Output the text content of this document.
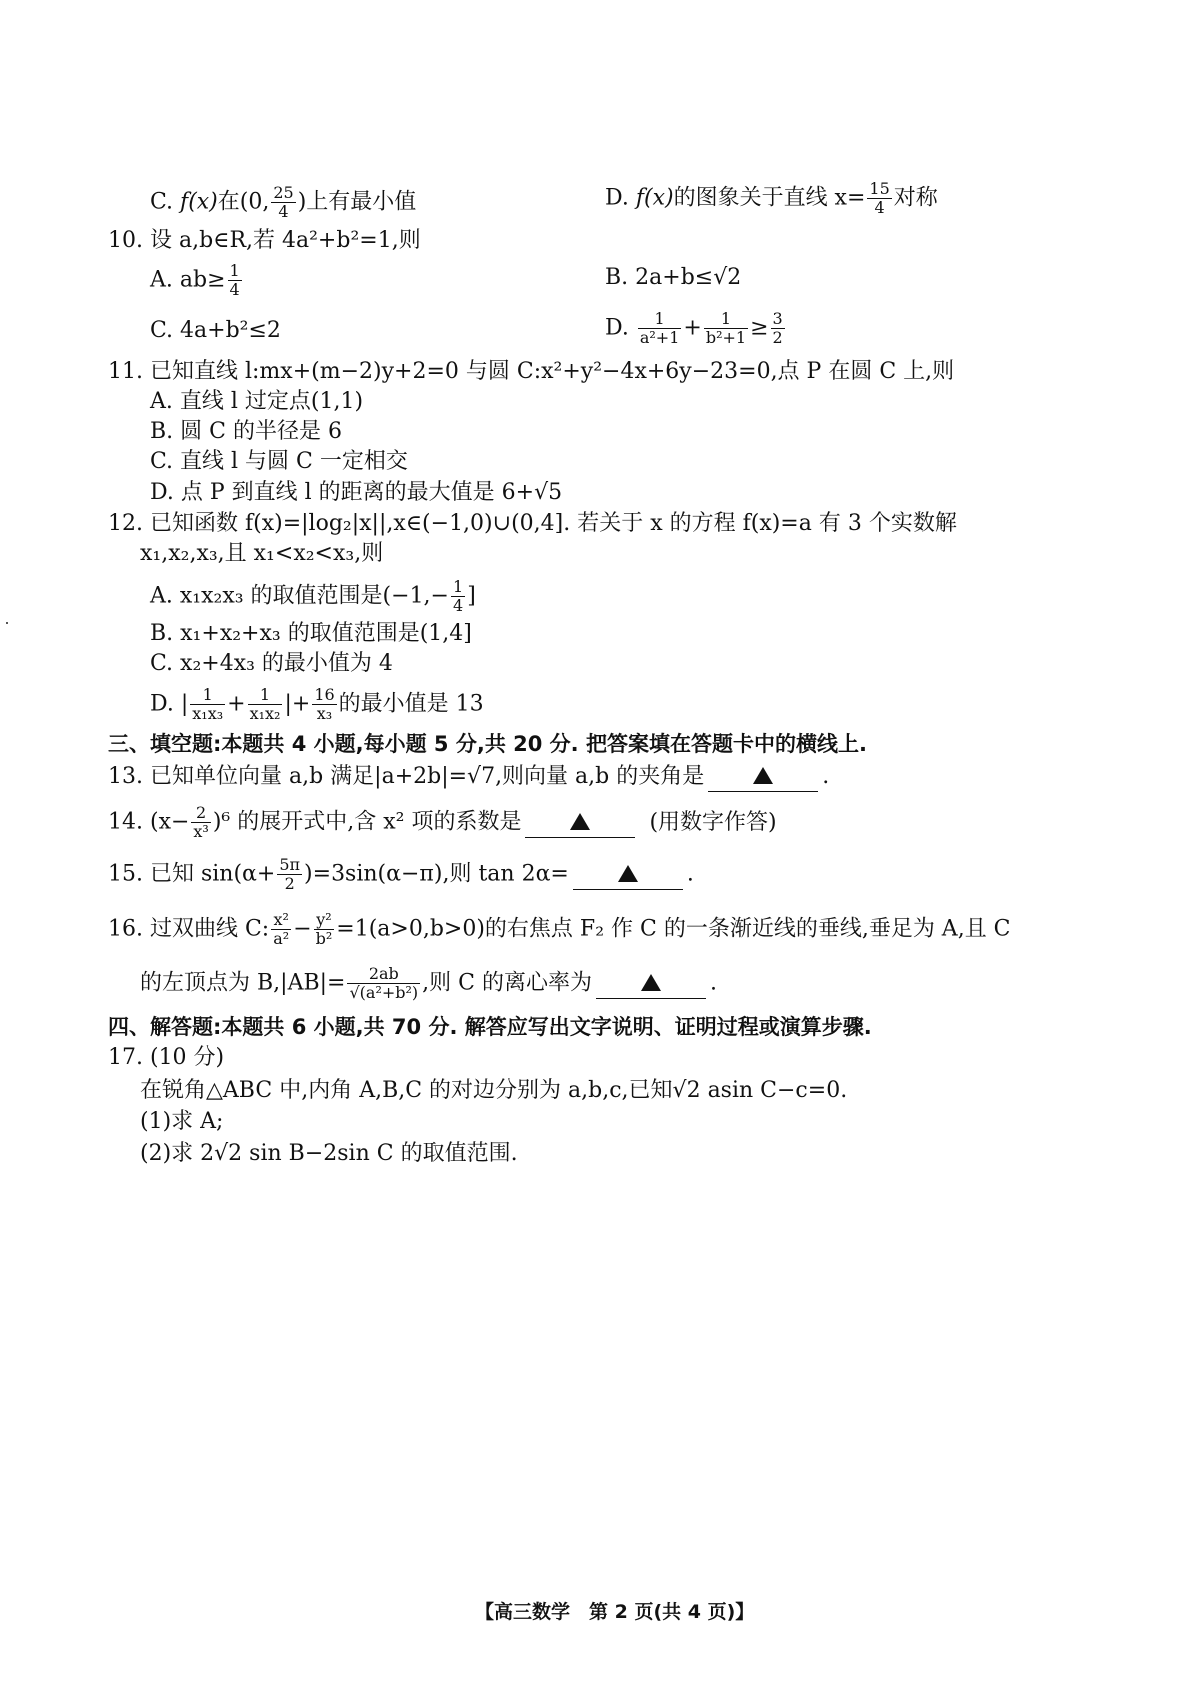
C. f(x)在(0, $\frac{25}{4}$ )上有最小值	D. f(x)的图象关于直线 $x= \frac{15}{4}$ 对称
10. 设 a,b∈R,若 4a²+b²=1,则
A. $ab\ge \frac{1}{4}$	B. 2a+b≤√2
C. 4a+b²≤2	D. $\frac{1}{\text{a²+1}} + \frac{1}{\text{b²+1}} \ge \frac{3}{2}$
11. 已知直线 l:mx+(m−2)y+2=0 与圆 C:x²+y²−4x+6y−23=0,点 P 在圆 C 上,则
A. 直线 l 过定点(1,1)
B. 圆 C 的半径是 6
C. 直线 l 与圆 C 一定相交
D. 点 P 到直线 l 的距离的最大值是 6+√5
12. 已知函数 f(x)=|log₂|x||,x∈(−1,0)∪(0,4]. 若关于 x 的方程 f(x)=a 有 3 个实数解
x₁,x₂,x₃,且 x₁<x₂<x₃,则
A. x₁x₂x₃ 的取值范围是($-1,- \frac{1}{4}$ ]
B. x₁+x₂+x₃ 的取值范围是(1,4]
C. x₂+4x₃ 的最小值为 4
D. | $\frac{1}{\text{x₁x₃}} + \frac{1}{\text{x₁x₂}}$ |+ $\frac{16}{\text{x₃}}$ 的最小值是 13
三、填空题:本题共 4 小题,每小题 5 分,共 20 分. 把答案填在答题卡中的横线上.
13. 已知单位向量 a,b 满足|a+2b|=√7,则向量 a,b 的夹角是	.
14. $(x- \frac{2}{\text{x³}} )^6$ 的展开式中,含 x² 项的系数是	(用数字作答)
15. 已知 $\sin(\alpha+ \frac{5\pi}{2} )=3\sin(\alpha-\pi)$,则 tan 2α=	.
16. 过双曲线 C: $\frac{\text{x²}}{\text{a²}} - \frac{\text{y²}}{\text{b²}} =1(a>0,b>0)$的右焦点 F₂ 作 C 的一条渐近线的垂线,垂足为 A,且 C
的左顶点为 $B,|AB|= \frac{2ab}{\text{√(a²+b²)}}$ ,则 C 的离心率为	.
四、解答题:本题共 6 小题,共 70 分. 解答应写出文字说明、证明过程或演算步骤.
17. (10 分)
在锐角△ABC 中,内角 A,B,C 的对边分别为 a,b,c,已知√2 asin C−c=0.
(1)求 A;
(2)求 2√2 sin B−2sin C 的取值范围.
【高三数学　第 2 页(共 4 页)】
